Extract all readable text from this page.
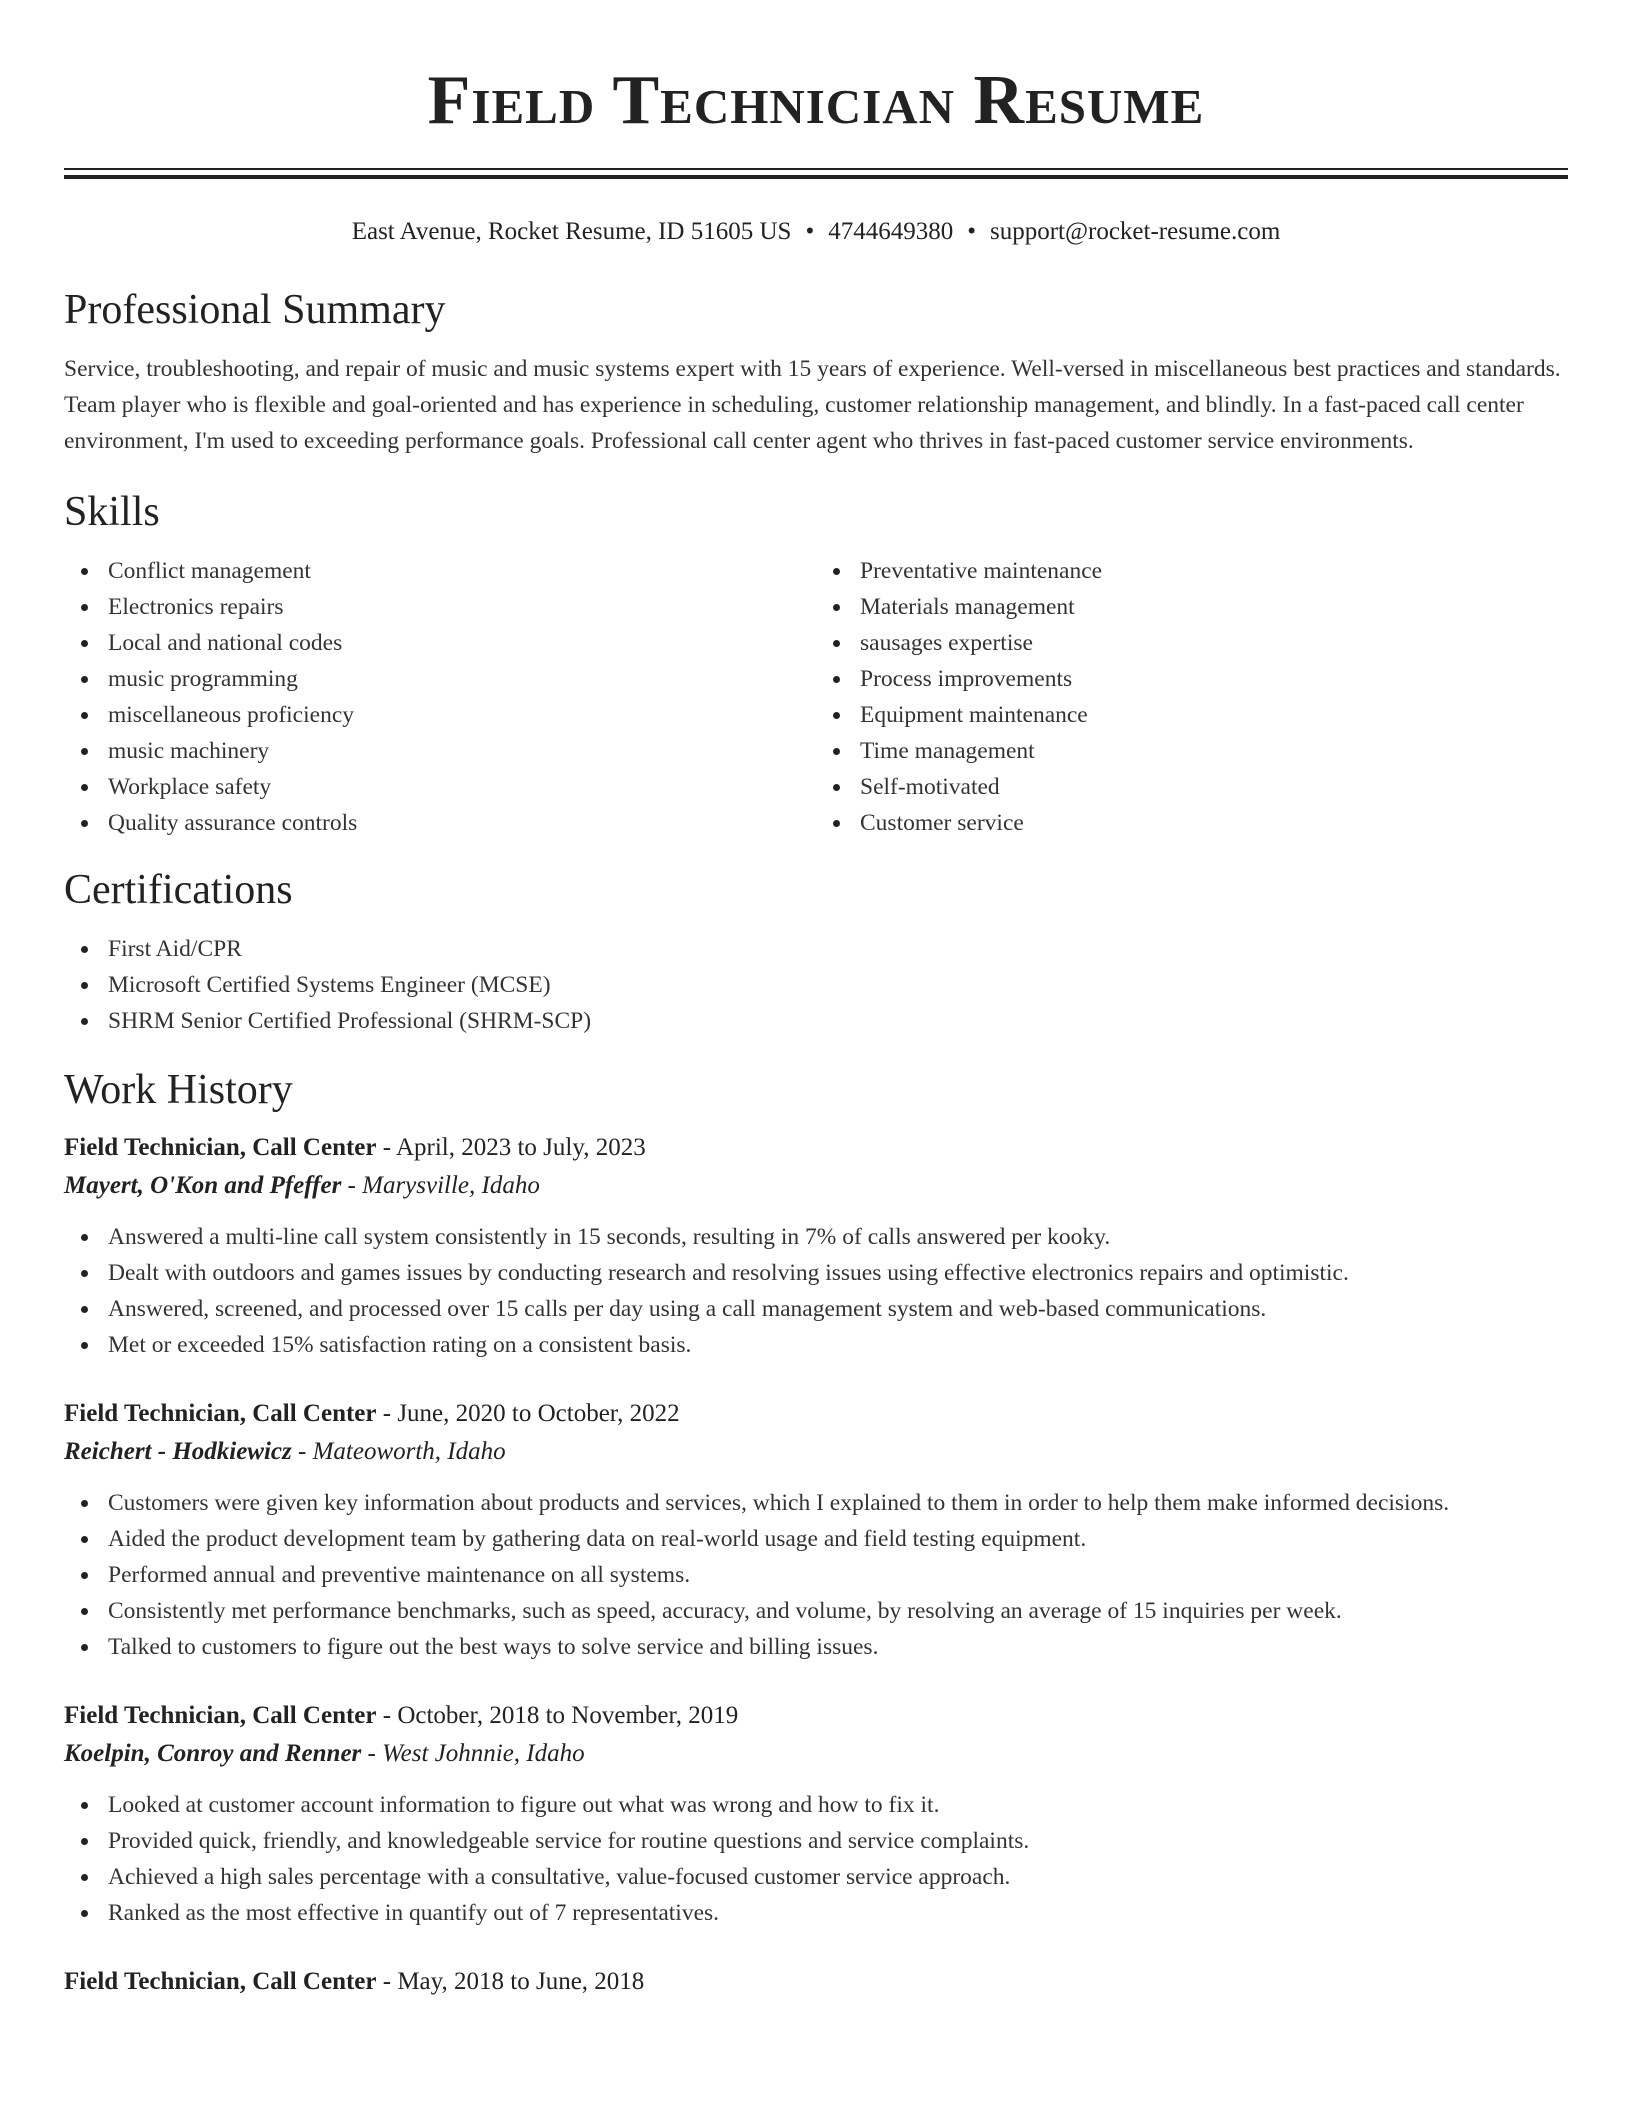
Field Technician Resume
East Avenue, Rocket Resume, ID 51605 US • 4744649380 • support@rocket-resume.com
Professional Summary

Service, troubleshooting, and repair of music and music systems expert with 15 years of experience. Well-versed in miscellaneous best practices and standards. Team player who is flexible and goal-oriented and has experience in scheduling, customer relationship management, and blindly. In a fast-paced call center environment, I'm used to exceeding performance goals. Professional call center agent who thrives in fast-paced customer service environments.

Skills
Conflict management
Electronics repairs
Local and national codes
music programming
miscellaneous proficiency
music machinery
Workplace safety
Quality assurance controls
Preventative maintenance
Materials management
sausages expertise
Process improvements
Equipment maintenance
Time management
Self-motivated
Customer service
Certifications
First Aid/CPR
Microsoft Certified Systems Engineer (MCSE)
SHRM Senior Certified Professional (SHRM-SCP)
Work History
Field Technician, Call Center - April, 2023 to July, 2023
Mayert, O'Kon and Pfeffer - Marysville, Idaho
Answered a multi-line call system consistently in 15 seconds, resulting in 7% of calls answered per kooky.
Dealt with outdoors and games issues by conducting research and resolving issues using effective electronics repairs and optimistic.
Answered, screened, and processed over 15 calls per day using a call management system and web-based communications.
Met or exceeded 15% satisfaction rating on a consistent basis.
Field Technician, Call Center - June, 2020 to October, 2022
Reichert - Hodkiewicz - Mateoworth, Idaho
Customers were given key information about products and services, which I explained to them in order to help them make informed decisions.
Aided the product development team by gathering data on real-world usage and field testing equipment.
Performed annual and preventive maintenance on all systems.
Consistently met performance benchmarks, such as speed, accuracy, and volume, by resolving an average of 15 inquiries per week.
Talked to customers to figure out the best ways to solve service and billing issues.
Field Technician, Call Center - October, 2018 to November, 2019
Koelpin, Conroy and Renner - West Johnnie, Idaho
Looked at customer account information to figure out what was wrong and how to fix it.
Provided quick, friendly, and knowledgeable service for routine questions and service complaints.
Achieved a high sales percentage with a consultative, value-focused customer service approach.
Ranked as the most effective in quantify out of 7 representatives.
Field Technician, Call Center - May, 2018 to June, 2018
